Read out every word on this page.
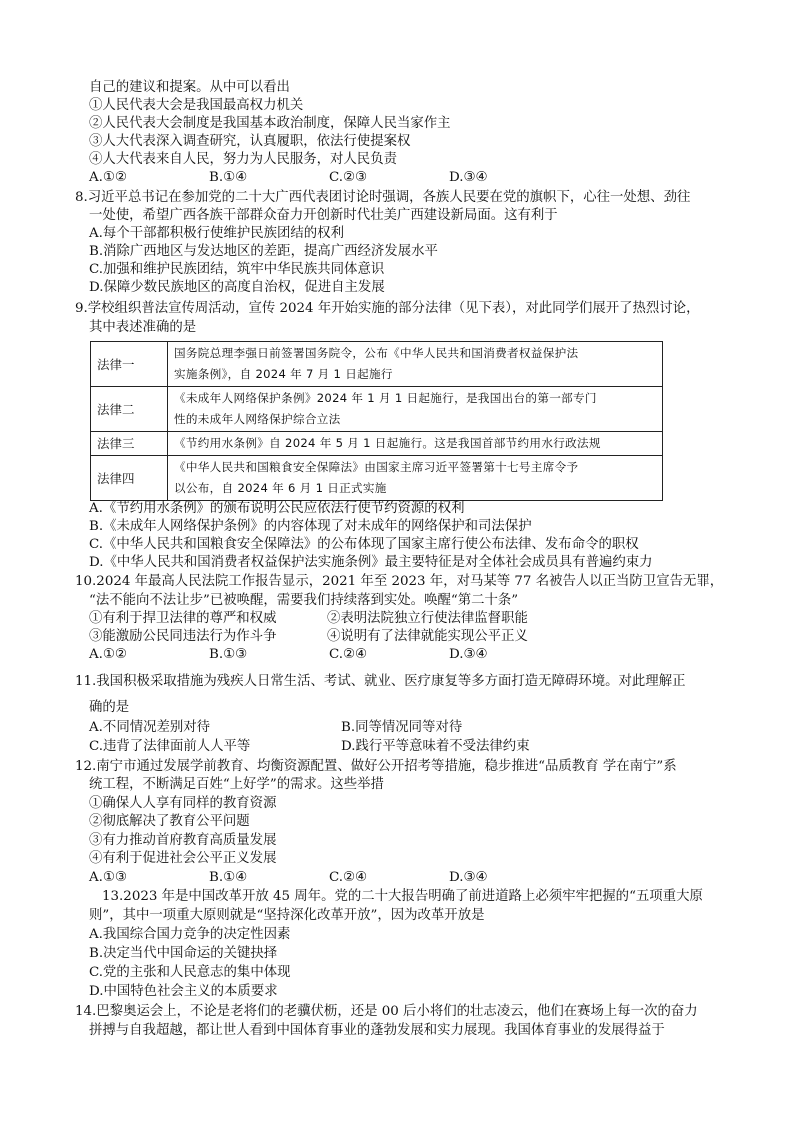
自己的建议和提案。从中可以看出
①人民代表大会是我国最高权力机关
②人民代表大会制度是我国基本政治制度，保障人民当家作主
③人大代表深入调查研究，认真履职，依法行使提案权
④人大代表来自人民，努力为人民服务，对人民负责
A.①②	B.①④	C.②③	D.③④
8.习近平总书记在参加党的二十大广西代表团讨论时强调，各族人民要在党的旗帜下，心往一处想、劲往
一处使，希望广西各族干部群众奋力开创新时代壮美广西建设新局面。这有利于
A.每个干部都积极行使维护民族团结的权利
B.消除广西地区与发达地区的差距，提高广西经济发展水平
C.加强和维护民族团结，筑牢中华民族共同体意识
D.保障少数民族地区的高度自治权，促进自主发展
9.学校组织普法宣传周活动，宣传 2024 年开始实施的部分法律（见下表），对此同学们展开了热烈讨论，
其中表述准确的是
法律一	国务院总理李强日前签署国务院令，公布《中华人民共和国消费者权益保护法
实施条例》，自 2024 年 7 月 1 日起施行

法律二	《未成年人网络保护条例》2024 年 1 月 1 日起施行，是我国出台的第一部专门
性的未成年人网络保护综合立法

法律三	《节约用水条例》自 2024 年 5 月 1 日起施行。这是我国首部节约用水行政法规

法律四	《中华人民共和国粮食安全保障法》由国家主席习近平签署第十七号主席令予
以公布，自 2024 年 6 月 1 日正式实施
A.《节约用水条例》的颁布说明公民应依法行使节约资源的权利
B.《未成年人网络保护条例》的内容体现了对未成年的网络保护和司法保护
C.《中华人民共和国粮食安全保障法》的公布体现了国家主席行使公布法律、发布命令的职权
D.《中华人民共和国消费者权益保护法实施条例》最主要特征是对全体社会成员具有普遍约束力
10.2024 年最高人民法院工作报告显示，2021 年至 2023 年，对马某等 77 名被告人以正当防卫宣告无罪，
“法不能向不法让步”已被唤醒，需要我们持续落到实处。唤醒“第二十条”
①有利于捍卫法律的尊严和权威	②表明法院独立行使法律监督职能
③能激励公民同违法行为作斗争	④说明有了法律就能实现公平正义
A.①②	B.①③	C.②④	D.③④
11.我国积极采取措施为残疾人日常生活、考试、就业、医疗康复等多方面打造无障碍环境。对此理解正
确的是
A.不同情况差别对待	B.同等情况同等对待
C.违背了法律面前人人平等	D.践行平等意味着不受法律约束
12.南宁市通过发展学前教育、均衡资源配置、做好公开招考等措施，稳步推进“品质教育 学在南宁”系
统工程，不断满足百姓“上好学”的需求。这些举措
①确保人人享有同样的教育资源
②彻底解决了教育公平问题
③有力推动首府教育高质量发展
④有利于促进社会公平正义发展
A.①③	B.①④	C.②④	D.③④
13.2023 年是中国改革开放 45 周年。党的二十大报告明确了前进道路上必须牢牢把握的“五项重大原
则”，其中一项重大原则就是“坚持深化改革开放”，因为改革开放是
A.我国综合国力竞争的决定性因素
B.决定当代中国命运的关键抉择
C.党的主张和人民意志的集中体现
D.中国特色社会主义的本质要求
14.巴黎奥运会上，不论是老将们的老骥伏枥，还是 00 后小将们的壮志凌云，他们在赛场上每一次的奋力
拼搏与自我超越，都让世人看到中国体育事业的蓬勃发展和实力展现。我国体育事业的发展得益于
